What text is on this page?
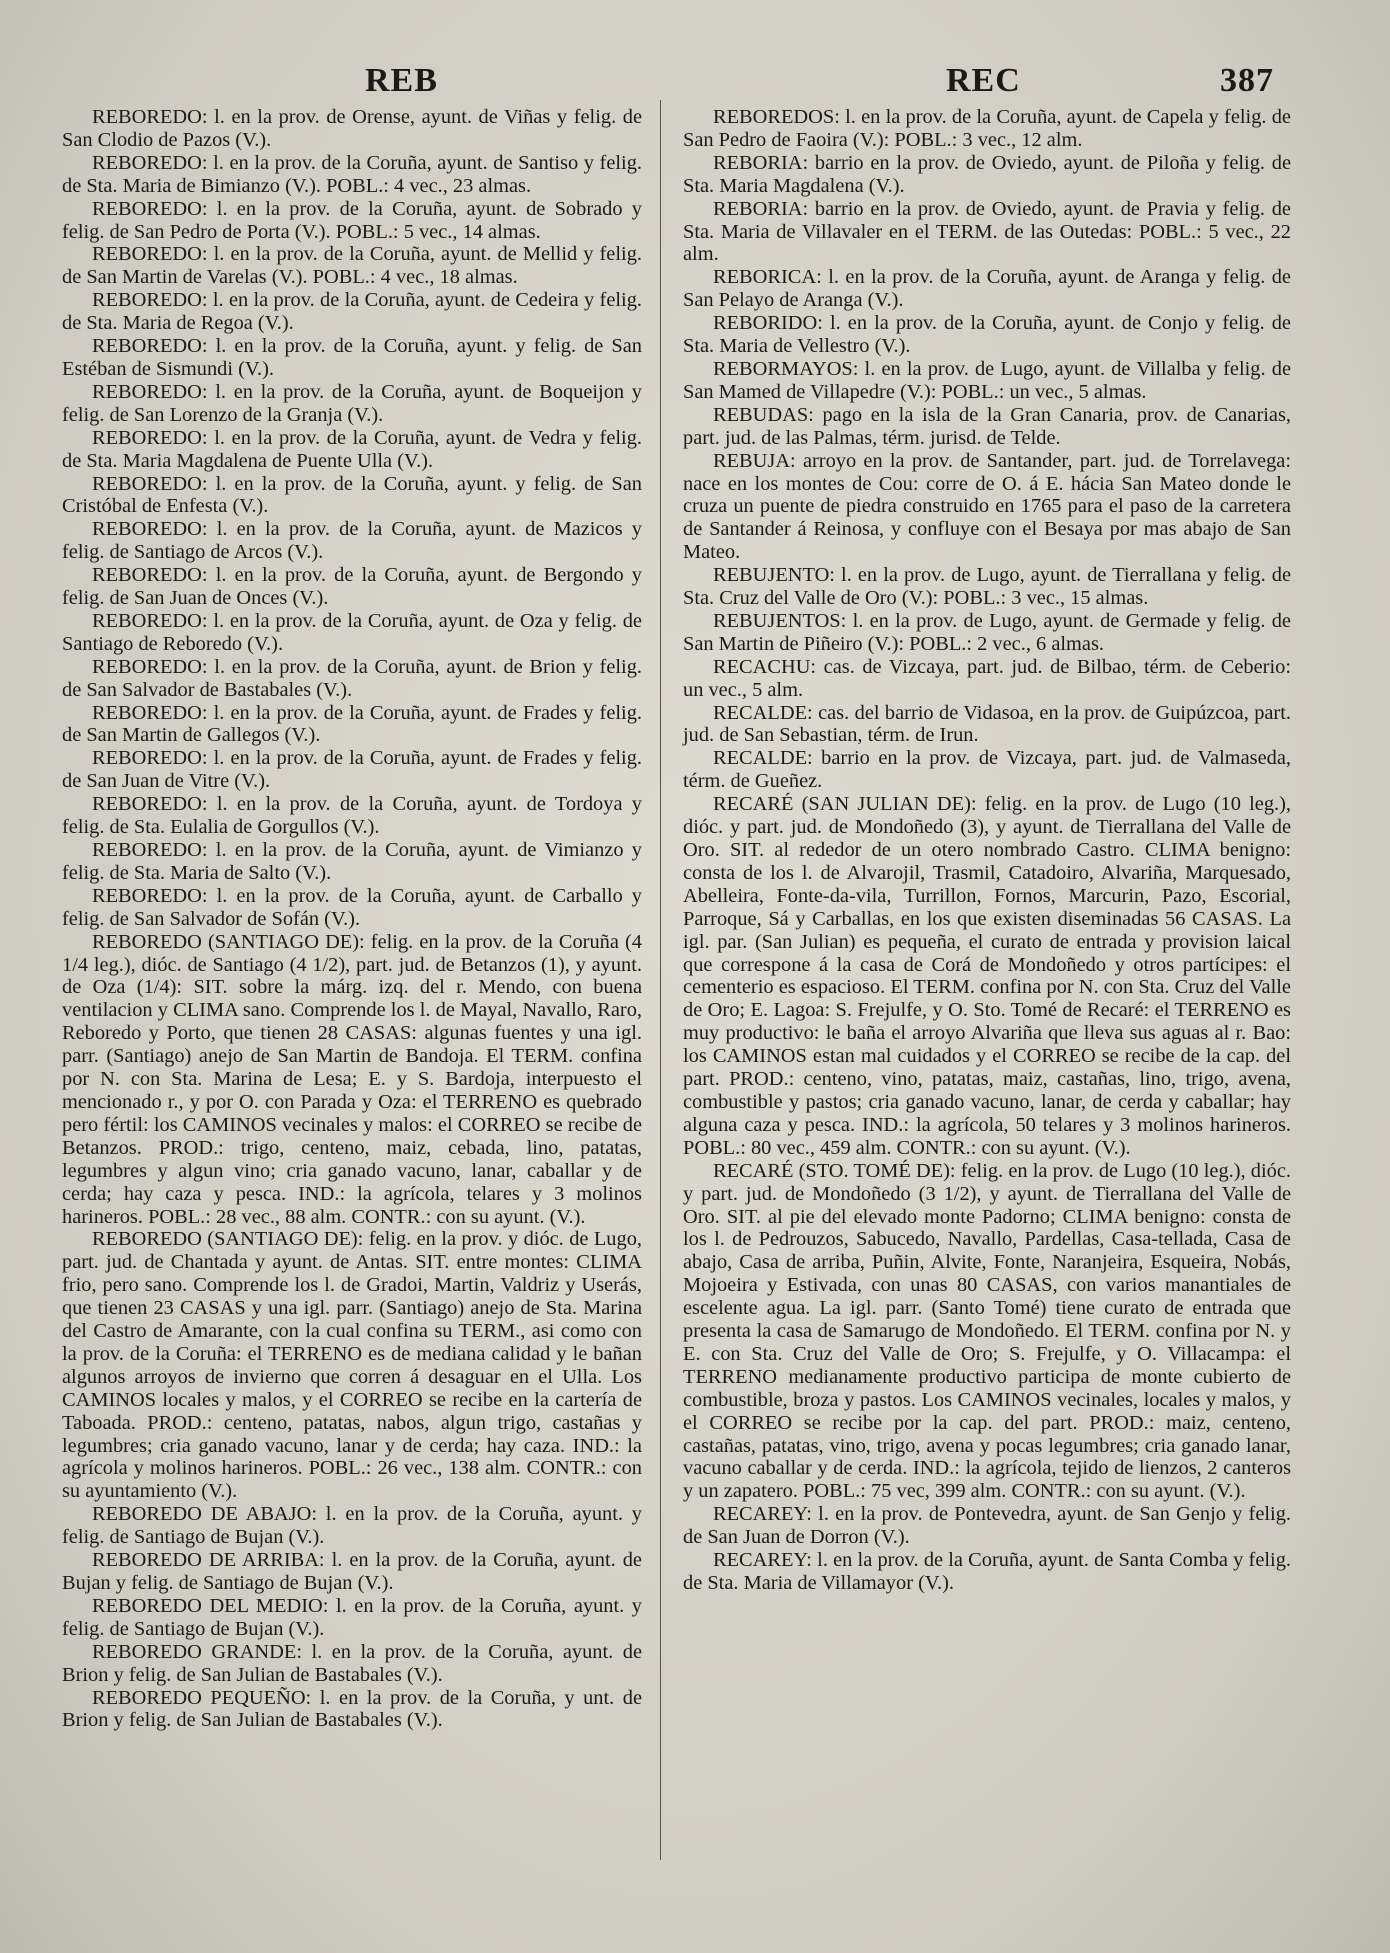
REB	REC	387

REBOREDO: l. en la prov. de Orense, ayunt. de Viñas y felig. de San Clodio de Pazos (V.).

REBOREDO: l. en la prov. de la Coruña, ayunt. de Santiso y felig. de Sta. Maria de Bimianzo (V.). POBL.: 4 vec., 23 almas.

REBOREDO: l. en la prov. de la Coruña, ayunt. de Sobrado y felig. de San Pedro de Porta (V.). POBL.: 5 vec., 14 almas.

REBOREDO: l. en la prov. de la Coruña, ayunt. de Mellid y felig. de San Martin de Varelas (V.). POBL.: 4 vec., 18 almas.

REBOREDO: l. en la prov. de la Coruña, ayunt. de Cedeira y felig. de Sta. Maria de Regoa (V.).

REBOREDO: l. en la prov. de la Coruña, ayunt. y felig. de San Estéban de Sismundi (V.).

REBOREDO: l. en la prov. de la Coruña, ayunt. de Boqueijon y felig. de San Lorenzo de la Granja (V.).

REBOREDO: l. en la prov. de la Coruña, ayunt. de Vedra y felig. de Sta. Maria Magdalena de Puente Ulla (V.).

REBOREDO: l. en la prov. de la Coruña, ayunt. y felig. de San Cristóbal de Enfesta (V.).

REBOREDO: l. en la prov. de la Coruña, ayunt. de Mazicos y felig. de Santiago de Arcos (V.).

REBOREDO: l. en la prov. de la Coruña, ayunt. de Bergondo y felig. de San Juan de Onces (V.).

REBOREDO: l. en la prov. de la Coruña, ayunt. de Oza y felig. de Santiago de Reboredo (V.).

REBOREDO: l. en la prov. de la Coruña, ayunt. de Brion y felig. de San Salvador de Bastabales (V.).

REBOREDO: l. en la prov. de la Coruña, ayunt. de Frades y felig. de San Martin de Gallegos (V.).

REBOREDO: l. en la prov. de la Coruña, ayunt. de Frades y felig. de San Juan de Vitre (V.).

REBOREDO: l. en la prov. de la Coruña, ayunt. de Tordoya y felig. de Sta. Eulalia de Gorgullos (V.).

REBOREDO: l. en la prov. de la Coruña, ayunt. de Vimianzo y felig. de Sta. Maria de Salto (V.).

REBOREDO: l. en la prov. de la Coruña, ayunt. de Carballo y felig. de San Salvador de Sofán (V.).

REBOREDO (SANTIAGO DE): felig. en la prov. de la Coruña (4 1/4 leg.), dióc. de Santiago (4 1/2), part. jud. de Betanzos (1), y ayunt. de Oza (1/4): SIT. sobre la márg. izq. del r. Mendo, con buena ventilacion y CLIMA sano. Comprende los l. de Mayal, Navallo, Raro, Reboredo y Porto, que tienen 28 CASAS: algunas fuentes y una igl. parr. (Santiago) anejo de San Martin de Bandoja. El TERM. confina por N. con Sta. Marina de Lesa; E. y S. Bardoja, interpuesto el mencionado r., y por O. con Parada y Oza: el TERRENO es quebrado pero fértil: los CAMINOS vecinales y malos: el CORREO se recibe de Betanzos. PROD.: trigo, centeno, maiz, cebada, lino, patatas, legumbres y algun vino; cria ganado vacuno, lanar, caballar y de cerda; hay caza y pesca. IND.: la agrícola, telares y 3 molinos harineros. POBL.: 28 vec., 88 alm. CONTR.: con su ayunt. (V.).

REBOREDO (SANTIAGO DE): felig. en la prov. y dióc. de Lugo, part. jud. de Chantada y ayunt. de Antas. SIT. entre montes: CLIMA frio, pero sano. Comprende los l. de Gradoi, Martin, Valdriz y Userás, que tienen 23 CASAS y una igl. parr. (Santiago) anejo de Sta. Marina del Castro de Amarante, con la cual confina su TERM., asi como con la prov. de la Coruña: el TERRENO es de mediana calidad y le bañan algunos arroyos de invierno que corren á desaguar en el Ulla. Los CAMINOS locales y malos, y el CORREO se recibe en la cartería de Taboada. PROD.: centeno, patatas, nabos, algun trigo, castañas y legumbres; cria ganado vacuno, lanar y de cerda; hay caza. IND.: la agrícola y molinos harineros. POBL.: 26 vec., 138 alm. CONTR.: con su ayuntamiento (V.).

REBOREDO DE ABAJO: l. en la prov. de la Coruña, ayunt. y felig. de Santiago de Bujan (V.).

REBOREDO DE ARRIBA: l. en la prov. de la Coruña, ayunt. de Bujan y felig. de Santiago de Bujan (V.).

REBOREDO DEL MEDIO: l. en la prov. de la Coruña, ayunt. y felig. de Santiago de Bujan (V.).

REBOREDO GRANDE: l. en la prov. de la Coruña, ayunt. de Brion y felig. de San Julian de Bastabales (V.).

REBOREDO PEQUEÑO: l. en la prov. de la Coruña, y unt. de Brion y felig. de San Julian de Bastabales (V.).

REBOREDOS: l. en la prov. de la Coruña, ayunt. de Capela y felig. de San Pedro de Faoira (V.): POBL.: 3 vec., 12 alm.

REBORIA: barrio en la prov. de Oviedo, ayunt. de Piloña y felig. de Sta. Maria Magdalena (V.).

REBORIA: barrio en la prov. de Oviedo, ayunt. de Pravia y felig. de Sta. Maria de Villavaler en el TERM. de las Outedas: POBL.: 5 vec., 22 alm.

REBORICA: l. en la prov. de la Coruña, ayunt. de Aranga y felig. de San Pelayo de Aranga (V.).

REBORIDO: l. en la prov. de la Coruña, ayunt. de Conjo y felig. de Sta. Maria de Vellestro (V.).

REBORMAYOS: l. en la prov. de Lugo, ayunt. de Villalba y felig. de San Mamed de Villapedre (V.): POBL.: un vec., 5 almas.

REBUDAS: pago en la isla de la Gran Canaria, prov. de Canarias, part. jud. de las Palmas, térm. jurisd. de Telde.

REBUJA: arroyo en la prov. de Santander, part. jud. de Torrelavega: nace en los montes de Cou: corre de O. á E. hácia San Mateo donde le cruza un puente de piedra construido en 1765 para el paso de la carretera de Santander á Reinosa, y confluye con el Besaya por mas abajo de San Mateo.

REBUJENTO: l. en la prov. de Lugo, ayunt. de Tierrallana y felig. de Sta. Cruz del Valle de Oro (V.): POBL.: 3 vec., 15 almas.

REBUJENTOS: l. en la prov. de Lugo, ayunt. de Germade y felig. de San Martin de Piñeiro (V.): POBL.: 2 vec., 6 almas.

RECACHU: cas. de Vizcaya, part. jud. de Bilbao, térm. de Ceberio: un vec., 5 alm.

RECALDE: cas. del barrio de Vidasoa, en la prov. de Guipúzcoa, part. jud. de San Sebastian, térm. de Irun.

RECALDE: barrio en la prov. de Vizcaya, part. jud. de Valmaseda, térm. de Gueñez.

RECARÉ (SAN JULIAN DE): felig. en la prov. de Lugo (10 leg.), dióc. y part. jud. de Mondoñedo (3), y ayunt. de Tierrallana del Valle de Oro. SIT. al rededor de un otero nombrado Castro. CLIMA benigno: consta de los l. de Alvarojil, Trasmil, Catadoiro, Alvariña, Marquesado, Abelleira, Fonte-da-vila, Turrillon, Fornos, Marcurin, Pazo, Escorial, Parroque, Sá y Carballas, en los que existen diseminadas 56 CASAS. La igl. par. (San Julian) es pequeña, el curato de entrada y provision laical que correspone á la casa de Corá de Mondoñedo y otros partícipes: el cementerio es espacioso. El TERM. confina por N. con Sta. Cruz del Valle de Oro; E. Lagoa: S. Frejulfe, y O. Sto. Tomé de Recaré: el TERRENO es muy productivo: le baña el arroyo Alvariña que lleva sus aguas al r. Bao: los CAMINOS estan mal cuidados y el CORREO se recibe de la cap. del part. PROD.: centeno, vino, patatas, maiz, castañas, lino, trigo, avena, combustible y pastos; cria ganado vacuno, lanar, de cerda y caballar; hay alguna caza y pesca. IND.: la agrícola, 50 telares y 3 molinos harineros. POBL.: 80 vec., 459 alm. CONTR.: con su ayunt. (V.).

RECARÉ (STO. TOMÉ DE): felig. en la prov. de Lugo (10 leg.), dióc. y part. jud. de Mondoñedo (3 1/2), y ayunt. de Tierrallana del Valle de Oro. SIT. al pie del elevado monte Padorno; CLIMA benigno: consta de los l. de Pedrouzos, Sabucedo, Navallo, Pardellas, Casa-tellada, Casa de abajo, Casa de arriba, Puñin, Alvite, Fonte, Naranjeira, Esqueira, Nobás, Mojoeira y Estivada, con unas 80 CASAS, con varios manantiales de escelente agua. La igl. parr. (Santo Tomé) tiene curato de entrada que presenta la casa de Samarugo de Mondoñedo. El TERM. confina por N. y E. con Sta. Cruz del Valle de Oro; S. Frejulfe, y O. Villacampa: el TERRENO medianamente productivo participa de monte cubierto de combustible, broza y pastos. Los CAMINOS vecinales, locales y malos, y el CORREO se recibe por la cap. del part. PROD.: maiz, centeno, castañas, patatas, vino, trigo, avena y pocas legumbres; cria ganado lanar, vacuno caballar y de cerda. IND.: la agrícola, tejido de lienzos, 2 canteros y un zapatero. POBL.: 75 vec, 399 alm. CONTR.: con su ayunt. (V.).

RECAREY: l. en la prov. de Pontevedra, ayunt. de San Genjo y felig. de San Juan de Dorron (V.).

RECAREY: l. en la prov. de la Coruña, ayunt. de Santa Comba y felig. de Sta. Maria de Villamayor (V.).
